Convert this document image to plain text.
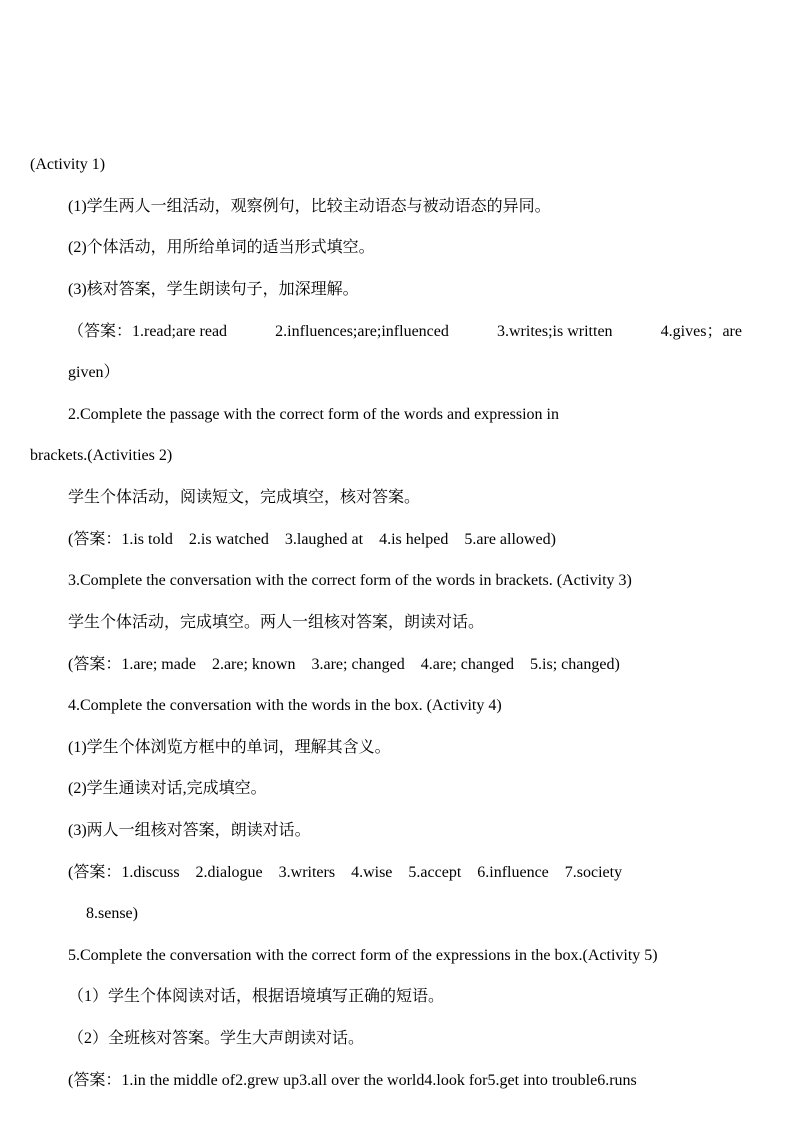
(Activity 1)
(1)学生两人一组活动，观察例句，比较主动语态与被动语态的异同。
(2)个体活动，用所给单词的适当形式填空。
(3)核对答案，学生朗读句子，加深理解。
（答案：1.read;are read	2.influences;are;influenced	3.writes;is written	4.gives；are
given）
2.Complete the passage with the correct form of the words and expression in
brackets.(Activities 2)
学生个体活动，阅读短文，完成填空，核对答案。
(答案：1.is told    2.is watched    3.laughed at    4.is helped    5.are allowed)
3.Complete the conversation with the correct form of the words in brackets. (Activity 3)
学生个体活动，完成填空。两人一组核对答案，朗读对话。
(答案：1.are; made    2.are; known    3.are; changed    4.are; changed    5.is; changed)
4.Complete the conversation with the words in the box. (Activity 4)
(1)学生个体浏览方框中的单词，理解其含义。
(2)学生通读对话,完成填空。
(3)两人一组核对答案，朗读对话。
(答案：1.discuss    2.dialogue    3.writers    4.wise    5.accept    6.influence    7.society
8.sense)
5.Complete the conversation with the correct form of the expressions in the box.(Activity 5)
（1）学生个体阅读对话，根据语境填写正确的短语。
（2）全班核对答案。学生大声朗读对话。
(答案：1.in the middle of2.grew up3.all over the world4.look for5.get into trouble6.runs
